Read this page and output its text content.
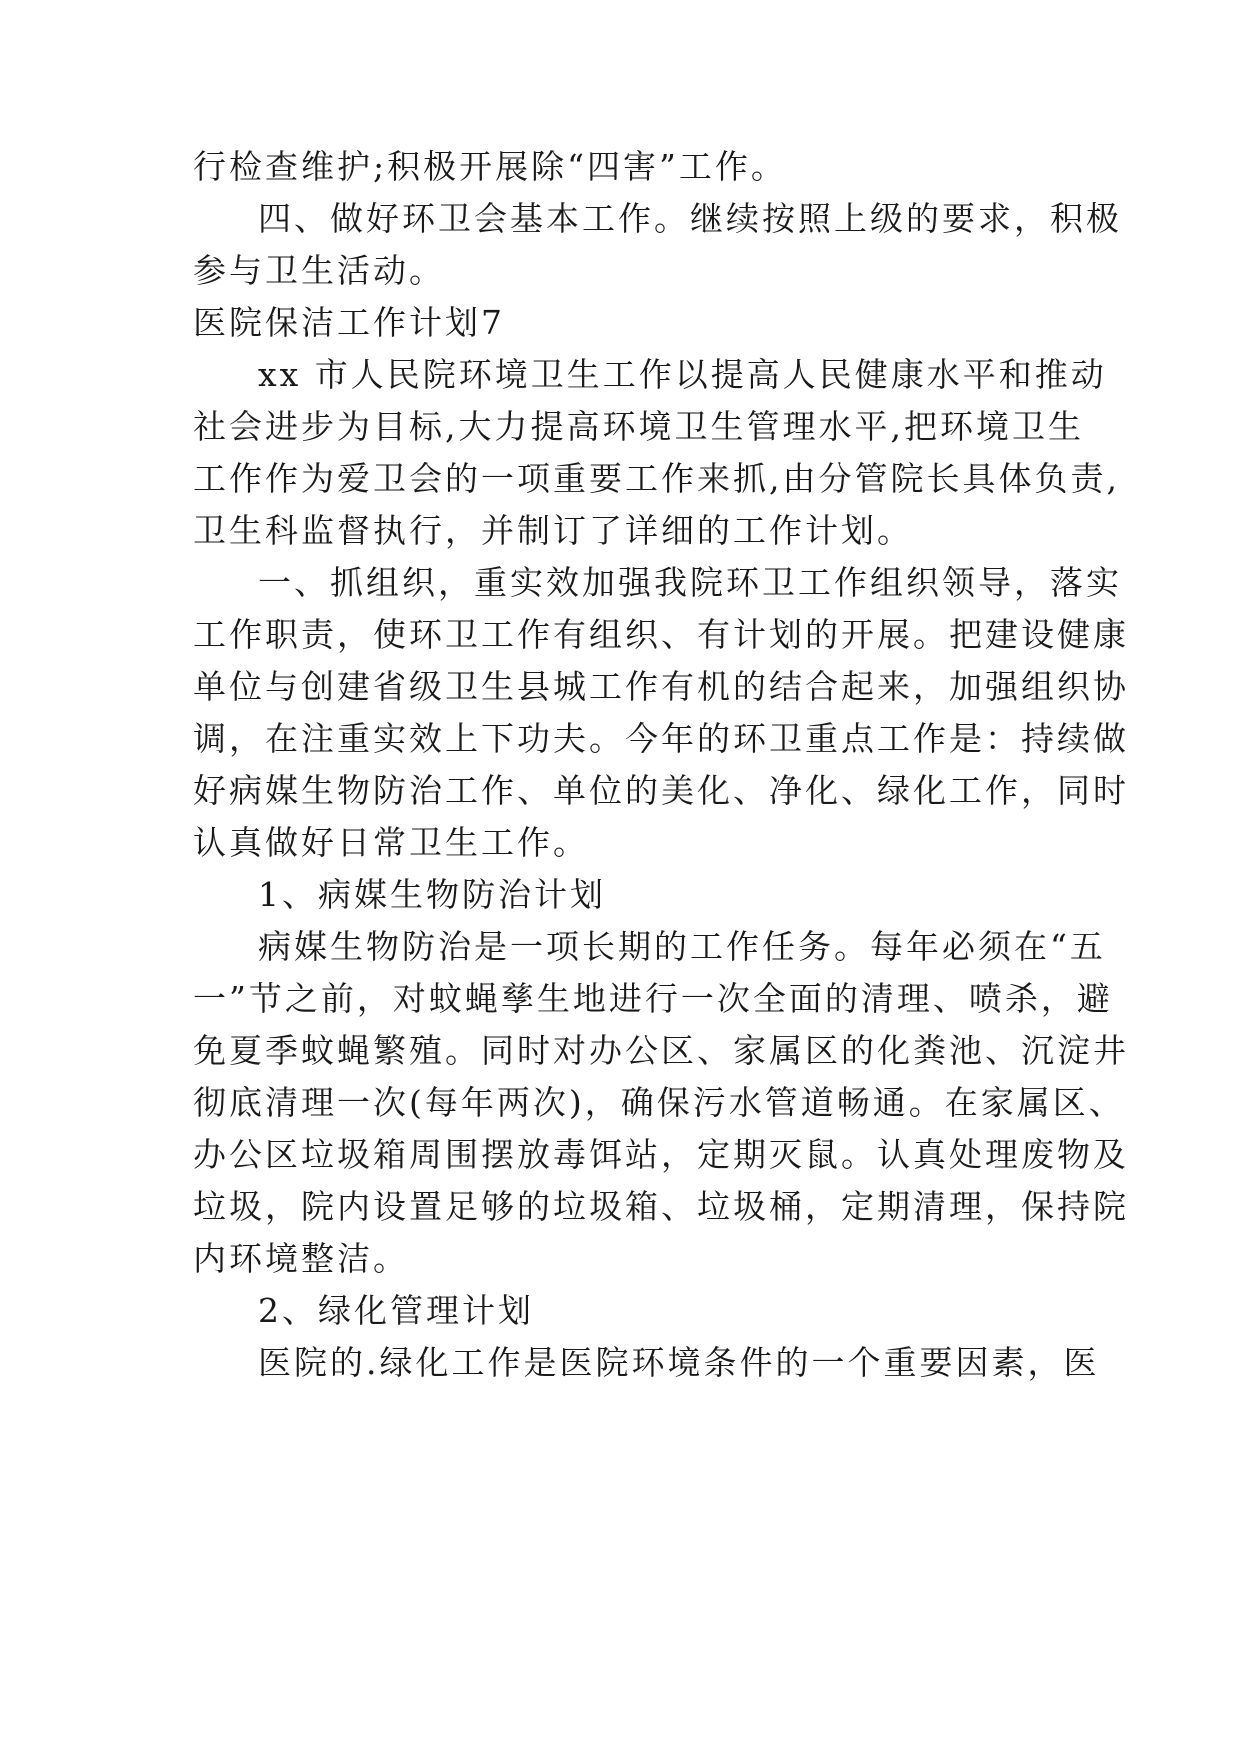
行检查维护;积极开展除“四害”工作。
四、做好环卫会基本工作。继续按照上级的要求，积极
参与卫生活动。
医院保洁工作计划7
xx 市人民院环境卫生工作以提高人民健康水平和推动
社会进步为目标,大力提高环境卫生管理水平,把环境卫生
工作作为爱卫会的一项重要工作来抓,由分管院长具体负责,
卫生科监督执行，并制订了详细的工作计划。
一、抓组织，重实效加强我院环卫工作组织领导，落实
工作职责，使环卫工作有组织、有计划的开展。把建设健康
单位与创建省级卫生县城工作有机的结合起来，加强组织协
调，在注重实效上下功夫。今年的环卫重点工作是：持续做
好病媒生物防治工作、单位的美化、净化、绿化工作，同时
认真做好日常卫生工作。
1、病媒生物防治计划
病媒生物防治是一项长期的工作任务。每年必须在“五
一”节之前，对蚊蝇孳生地进行一次全面的清理、喷杀，避
免夏季蚊蝇繁殖。同时对办公区、家属区的化粪池、沉淀井
彻底清理一次(每年两次)，确保污水管道畅通。在家属区、
办公区垃圾箱周围摆放毒饵站，定期灭鼠。认真处理废物及
垃圾，院内设置足够的垃圾箱、垃圾桶，定期清理，保持院
内环境整洁。
2、绿化管理计划
医院的.绿化工作是医院环境条件的一个重要因素，医
